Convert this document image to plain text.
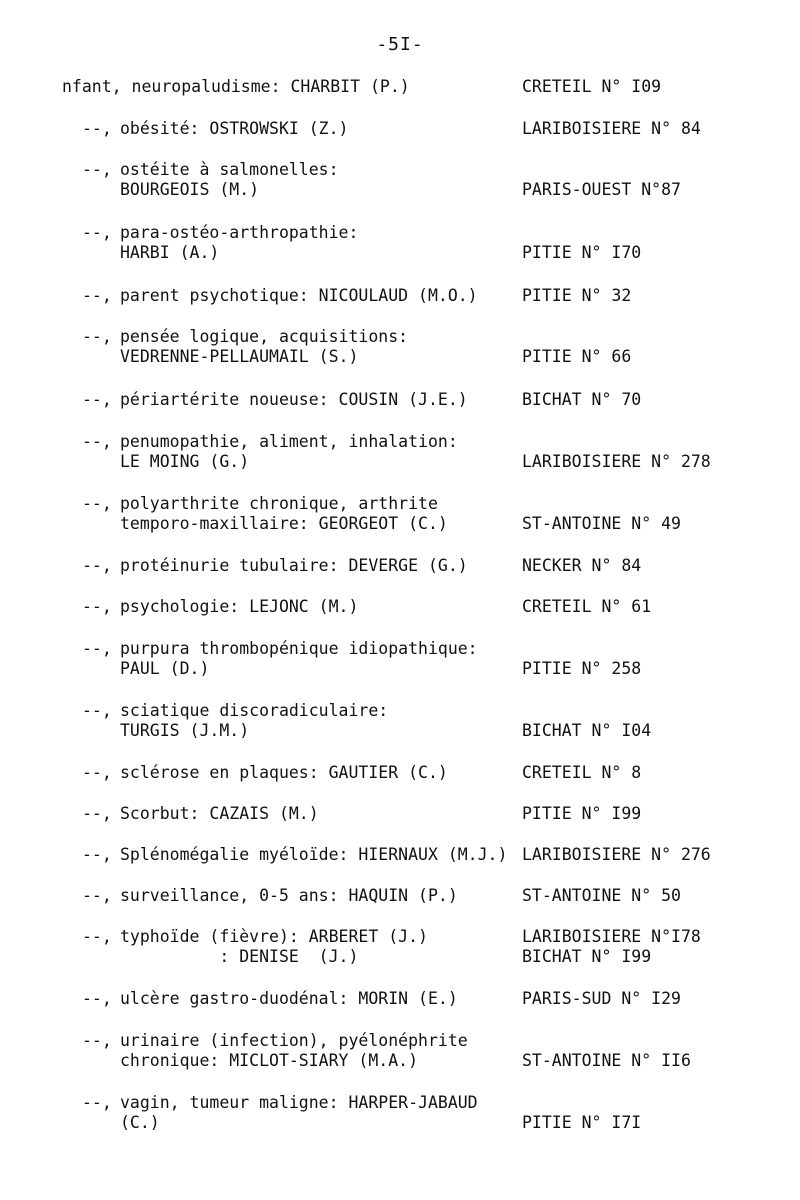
-5I-
nfant, neuropaludisme: CHARBIT (P.)	CRETEIL N° I09
--, obésité: OSTROWSKI (Z.)	LARIBOISIERE N° 84
--, ostéite à salmonelles:
BOURGEOIS (M.)	PARIS-OUEST N°87
--, para-ostéo-arthropathie:
HARBI (A.)	PITIE N° I70
--, parent psychotique: NICOULAUD (M.O.)	PITIE N° 32
--, pensée logique, acquisitions:
VEDRENNE-PELLAUMAIL (S.)	PITIE N° 66
--, périartérite noueuse: COUSIN (J.E.)	BICHAT N° 70
--, penumopathie, aliment, inhalation:
LE MOING (G.)	LARIBOISIERE N° 278
--, polyarthrite chronique, arthrite
temporo-maxillaire: GEORGEOT (C.)	ST-ANTOINE N° 49
--, protéinurie tubulaire: DEVERGE (G.)	NECKER N° 84
--, psychologie: LEJONC (M.)	CRETEIL N° 61
--, purpura thrombopénique idiopathique:
PAUL (D.)	PITIE N° 258
--, sciatique discoradiculaire:
TURGIS (J.M.)	BICHAT N° I04
--, sclérose en plaques: GAUTIER (C.)	CRETEIL N° 8
--, Scorbut: CAZAIS (M.)	PITIE N° I99
--, Splénomégalie myéloïde: HIERNAUX (M.J.) LARIBOISIERE N° 276
--, surveillance, 0-5 ans: HAQUIN (P.)	ST-ANTOINE N° 50
--, typhoïde (fièvre): ARBERET (J.)	LARIBOISIERE N°I78
: DENISE  (J.)	BICHAT N° I99
--, ulcère gastro-duodénal: MORIN (E.)	PARIS-SUD N° I29
--, urinaire (infection), pyélonéphrite
chronique: MICLOT-SIARY (M.A.)	ST-ANTOINE N° II6
--, vagin, tumeur maligne: HARPER-JABAUD
(C.)	PITIE N° I7I
